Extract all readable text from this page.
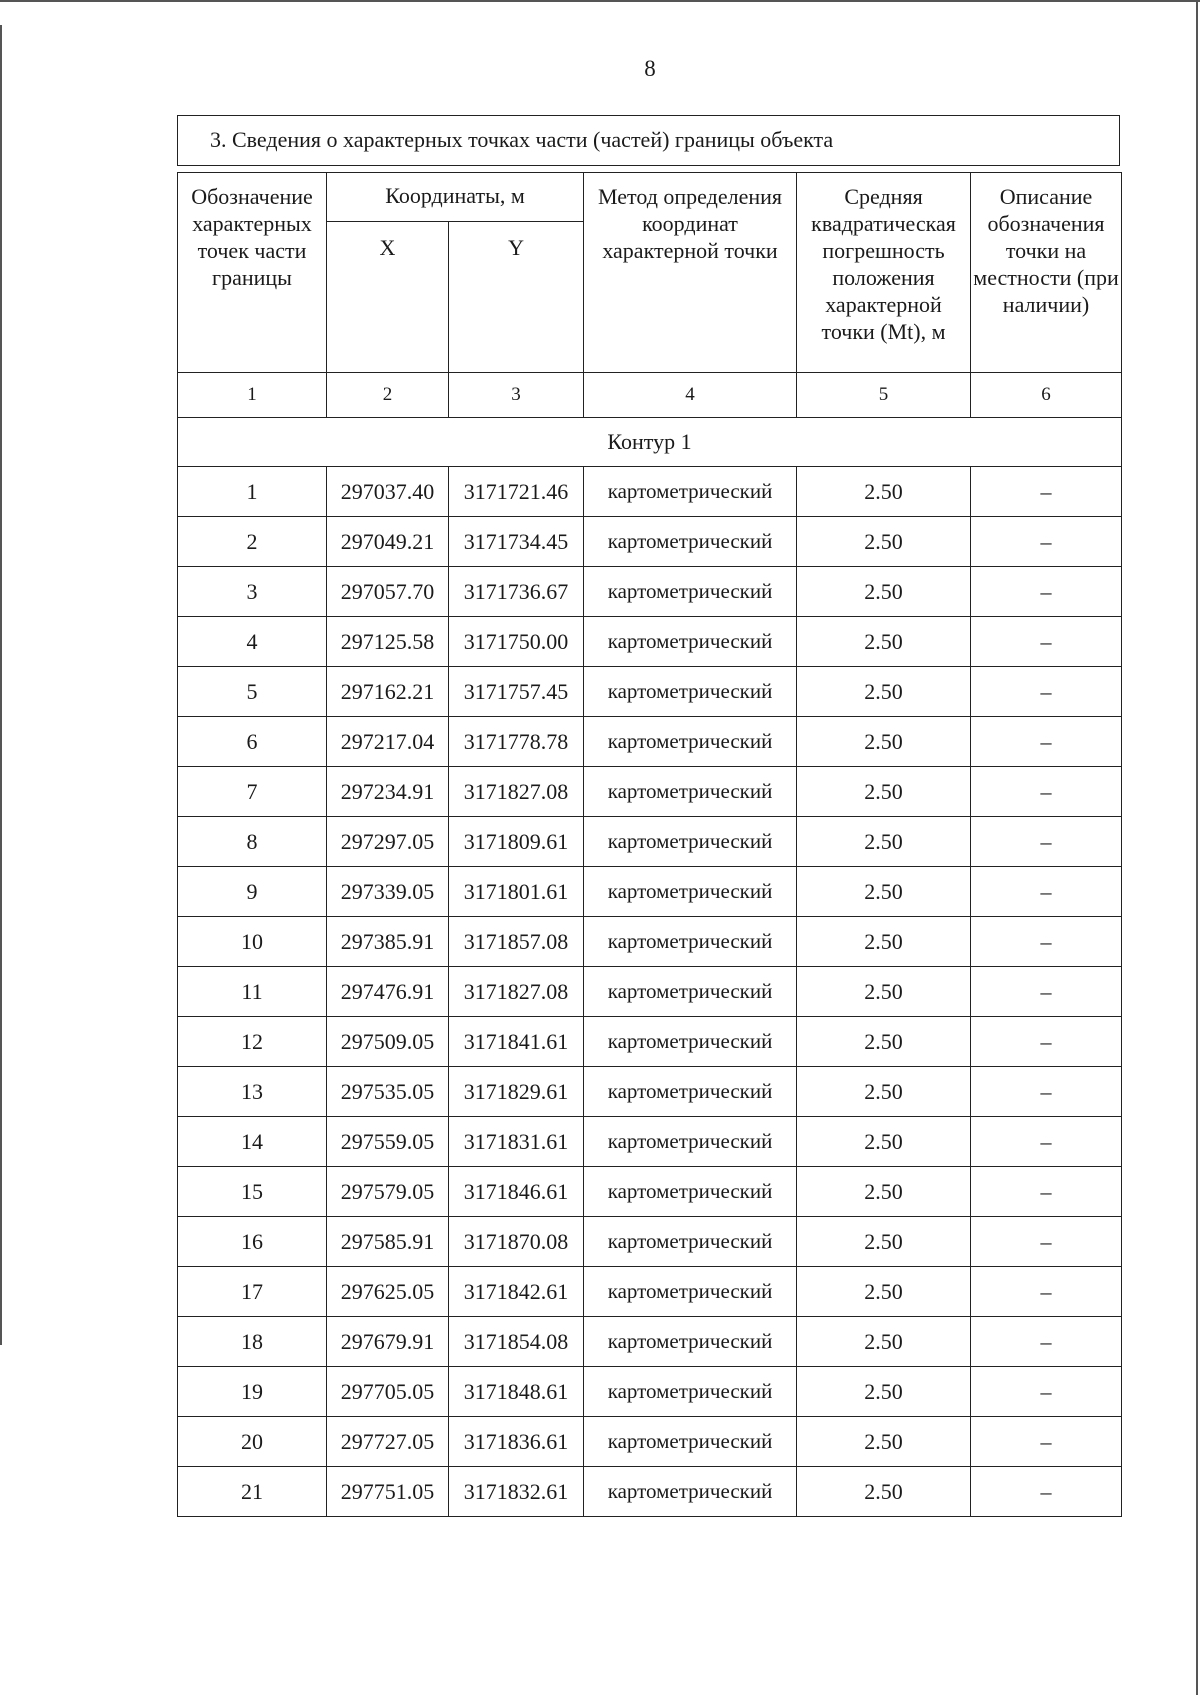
8
3. Сведения о характерных точках части (частей) границы объекта
Обозначение характерных точек части границы	Координаты, м		Метод определения координат характерной точки	Средняя квадратическая погрешность положения характерной точки (Mt), м	Описание обозначения точки на местности (при наличии)
	X	Y			
1	2	3	4	5	6
Контур 1					
1	297037.40	3171721.46	картометрический	2.50	–
2	297049.21	3171734.45	картометрический	2.50	–
3	297057.70	3171736.67	картометрический	2.50	–
4	297125.58	3171750.00	картометрический	2.50	–
5	297162.21	3171757.45	картометрический	2.50	–
6	297217.04	3171778.78	картометрический	2.50	–
7	297234.91	3171827.08	картометрический	2.50	–
8	297297.05	3171809.61	картометрический	2.50	–
9	297339.05	3171801.61	картометрический	2.50	–
10	297385.91	3171857.08	картометрический	2.50	–
11	297476.91	3171827.08	картометрический	2.50	–
12	297509.05	3171841.61	картометрический	2.50	–
13	297535.05	3171829.61	картометрический	2.50	–
14	297559.05	3171831.61	картометрический	2.50	–
15	297579.05	3171846.61	картометрический	2.50	–
16	297585.91	3171870.08	картометрический	2.50	–
17	297625.05	3171842.61	картометрический	2.50	–
18	297679.91	3171854.08	картометрический	2.50	–
19	297705.05	3171848.61	картометрический	2.50	–
20	297727.05	3171836.61	картометрический	2.50	–
21	297751.05	3171832.61	картометрический	2.50	–
